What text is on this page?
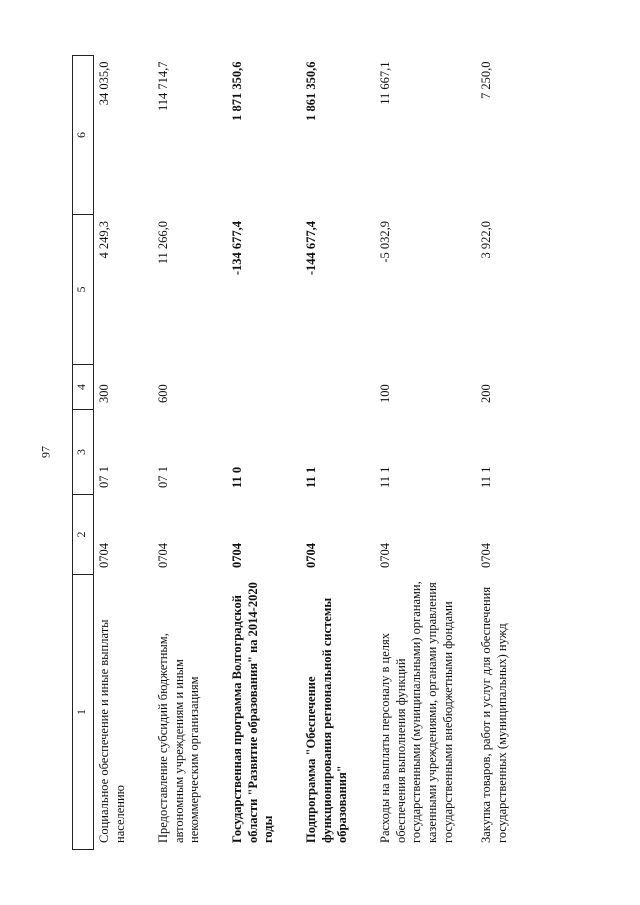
97
1	2	3	4	5	6
Социальное обеспечение и иные выплаты населению	0704	07 1	300	4 249,3	34 035,0
Предоставление субсидий бюджетным, автономным учреждениям и иным некоммерческим организациям	0704	07 1	600	11 266,0	114 714,7
Государственная программа Волгоградской области "Развитие образования" на 2014-2020 годы	0704	11 0		-134 677,4	1 871 350,6
Подпрограмма "Обеспечение функционирования региональной системы образования"	0704	11 1		-144 677,4	1 861 350,6
Расходы на выплаты персоналу в целях обеспечения выполнения функций государственными (муниципальными) органами, казенными учреждениями, органами управления государственными внебюджетными фондами	0704	11 1	100	-5 032,9	11 667,1
Закупка товаров, работ и услуг для обеспечения государственных (муниципальных) нужд	0704	11 1	200	3 922,0	7 250,0
